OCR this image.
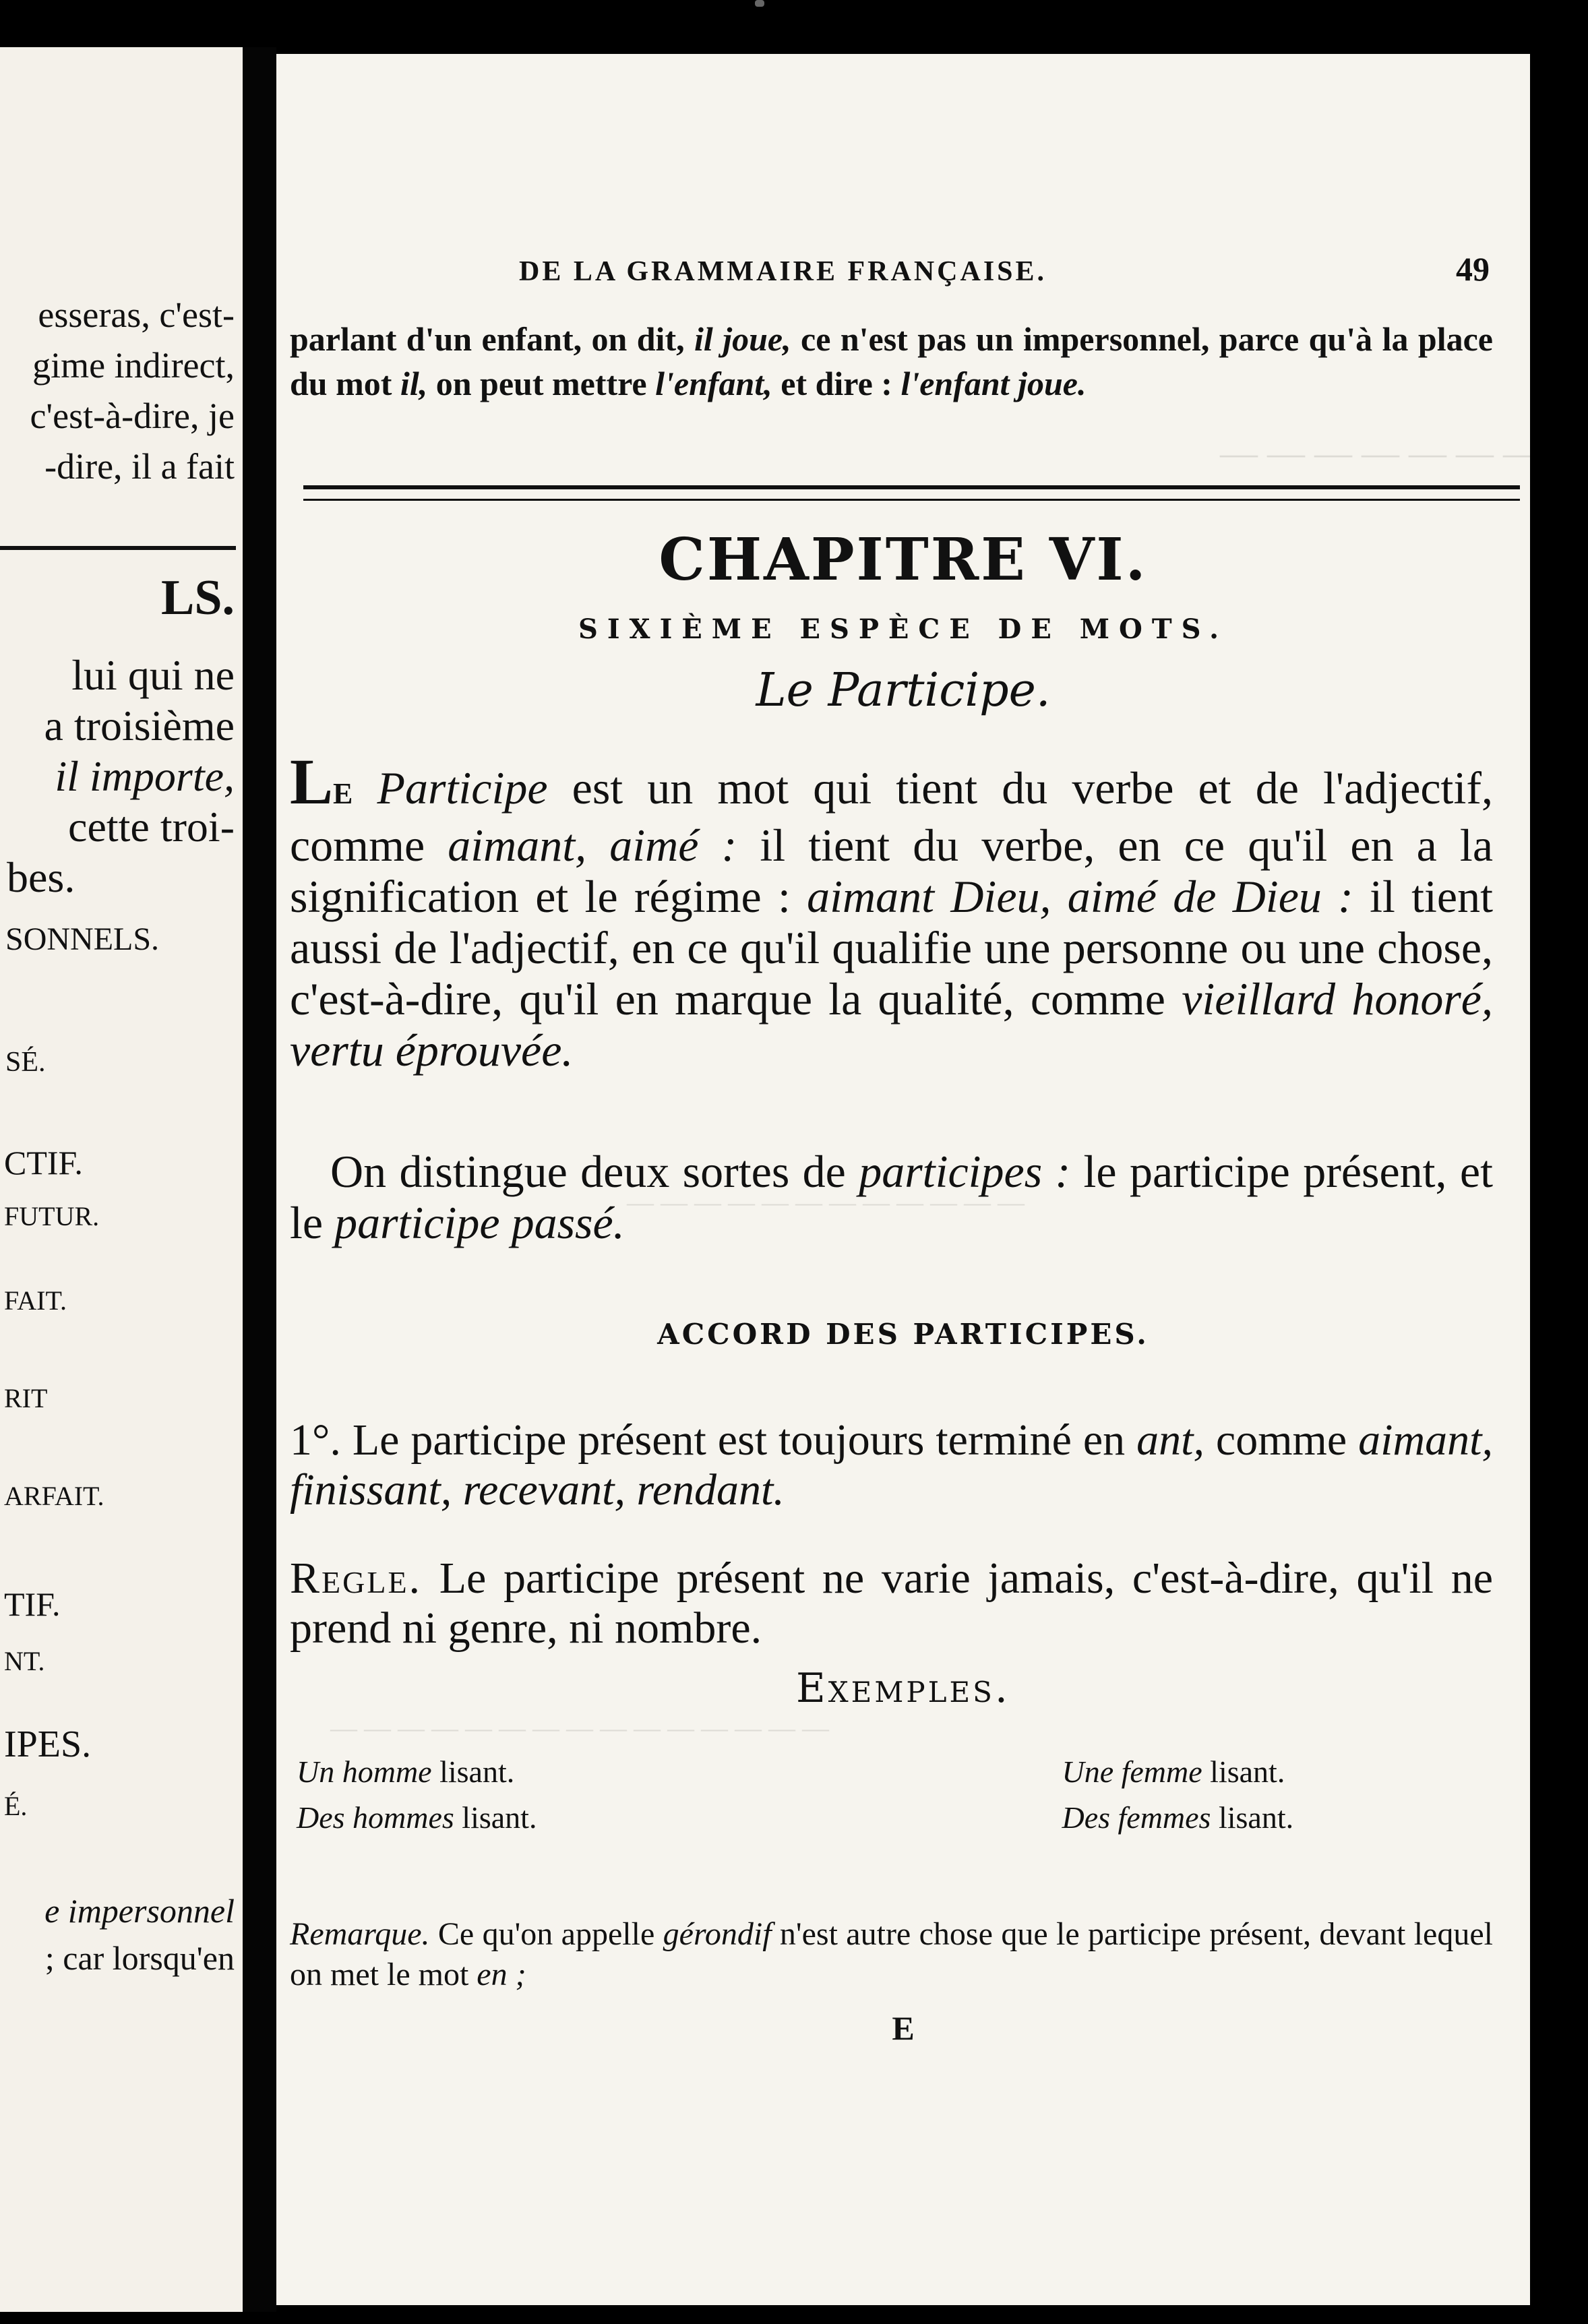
esseras, c'est-
gime indirect,
c'est-à-dire, je
-dire, il a fait
LS.
lui qui ne
a troisième
il importe,
cette troi-
bes.
SONNELS.
SÉ.
CTIF.
FUTUR.
FAIT.
RIT
ARFAIT.
TIF.
NT.
IPES.
É.
e impersonnel
; car lorsqu'en
— — — — — — — —
— — — — — — — — — — — —
— — — — — — — — — — — — — — —
DE LA GRAMMAIRE FRANÇAISE.	49
parlant d'un enfant, on dit, il joue, ce n'est pas un impersonnel, parce qu'à la place du mot il, on peut mettre l'enfant, et dire : l'enfant joue.
CHAPITRE VI.
SIXIÈME ESPÈCE DE MOTS.
Le Participe.
LE Participe est un mot qui tient du verbe et de l'adjectif, comme aimant, aimé : il tient du verbe, en ce qu'il en a la signification et le régime : aimant Dieu, aimé de Dieu : il tient aussi de l'adjectif, en ce qu'il qualifie une personne ou une chose, c'est-à-dire, qu'il en marque la qualité, comme vieillard honoré, vertu éprouvée.
On distingue deux sortes de participes : le participe présent, et le participe passé.
ACCORD DES PARTICIPES.
1°. Le participe présent est toujours terminé en ant, comme aimant, finissant, recevant, rendant.
Regle. Le participe présent ne varie jamais, c'est-à-dire, qu'il ne prend ni genre, ni nombre.
Exemples.
Un homme lisant.	Une femme lisant.
Des hommes lisant.	Des femmes lisant.
Remarque. Ce qu'on appelle gérondif n'est autre chose que le participe présent, devant lequel on met le mot en ;
E
